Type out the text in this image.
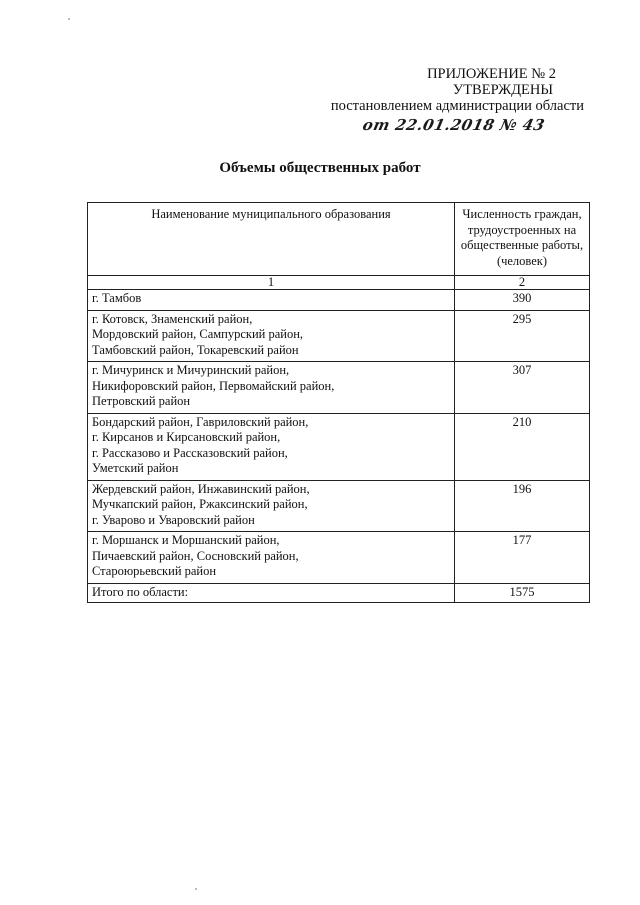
ПРИЛОЖЕНИЕ № 2
УТВЕРЖДЕНЫ
постановлением администрации области
от 22.01.2018 № 43
Объемы общественных работ
Наименование муниципального образования	Численность граждан, трудоустроенных на общественные работы, (человек)
1	2

г. Тамбов	390

г. Котовск, Знаменский район,
Мордовский район, Сампурский район,
Тамбовский район, Токаревский район	295

г. Мичуринск и Мичуринский район,
Никифоровский район, Первомайский район,
Петровский район	307

Бондарский район, Гавриловский район,
г. Кирсанов и Кирсановский район,
г. Рассказово и Рассказовский район,
Уметский район	210

Жердевский район, Инжавинский район,
Мучкапский район, Ржаксинский район,
г. Уварово и Уваровский район	196

г. Моршанск и Моршанский район,
Пичаевский район, Сосновский район,
Староюрьевский район	177
Итого по области:	1575
